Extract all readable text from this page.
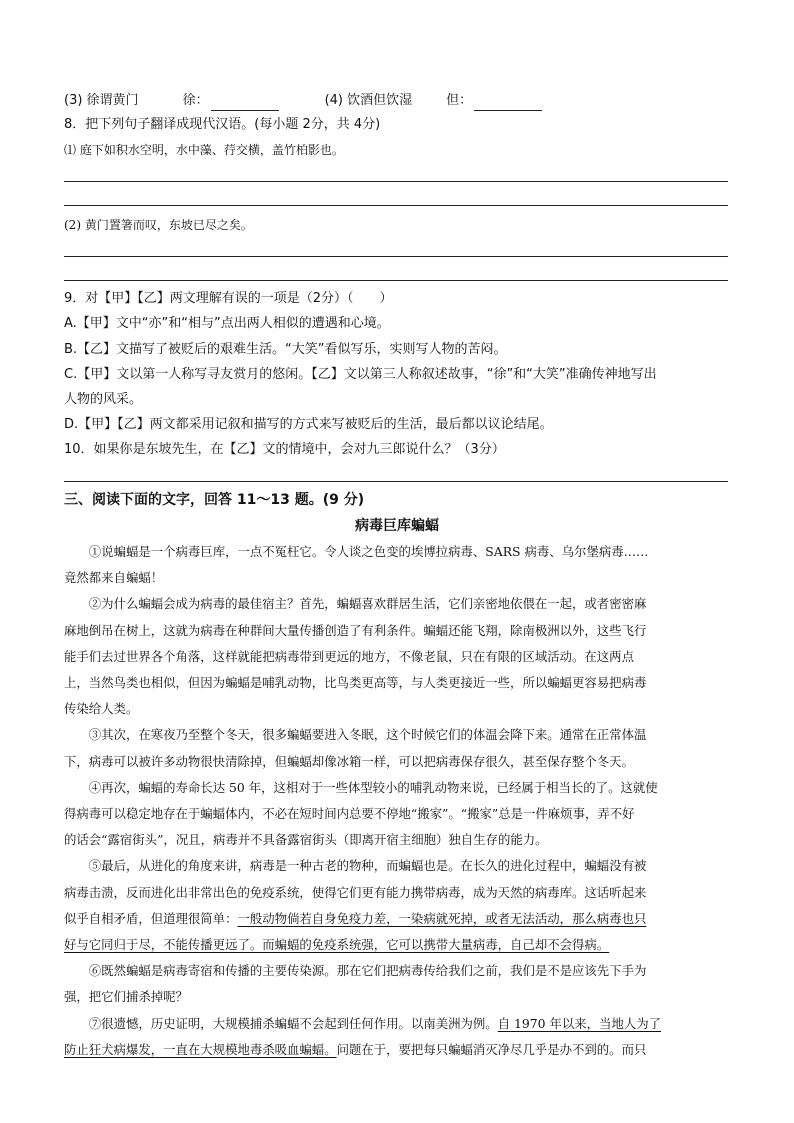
(3) 徐谓黄门	徐：	(4) 饮酒但饮湿	但：
8．把下列句子翻译成现代汉语。(每小题 2分，共 4分)
⑴ 庭下如积水空明，水中藻、荇交横，盖竹柏影也。
(2) 黄门置箸而叹，东坡已尽之矣。
9．对【甲】【乙】两文理解有误的一项是（2分）（　　）
A.【甲】文中“亦”和“相与”点出两人相似的遭遇和心境。
B.【乙】文描写了被贬后的艰难生活。“大笑”看似写乐，实则写人物的苦闷。
C.【甲】文以第一人称写寻友赏月的悠闲。【乙】文以第三人称叙述故事，“徐”和“大笑”准确传神地写出
人物的风采。
D.【甲】【乙】两文都采用记叙和描写的方式来写被贬后的生活，最后都以议论结尾。
10．如果你是东坡先生，在【乙】文的情境中，会对九三郎说什么？（3分）
三、阅读下面的文字，回答 11～13 题。(9 分)
病毒巨库蝙蝠

①说蝙蝠是一个病毒巨库，一点不冤枉它。令人谈之色变的埃博拉病毒、SARS 病毒、乌尔堡病毒……

竟然都来自蝙蝠！

②为什么蝙蝠会成为病毒的最佳宿主？首先，蝙蝠喜欢群居生活，它们亲密地依偎在一起，或者密密麻

麻地倒吊在树上，这就为病毒在种群间大量传播创造了有利条件。蝙蝠还能飞翔，除南极洲以外，这些飞行

能手们去过世界各个角落，这样就能把病毒带到更远的地方，不像老鼠，只在有限的区域活动。在这两点

上，当然鸟类也相似，但因为蝙蝠是哺乳动物，比鸟类更高等，与人类更接近一些，所以蝙蝠更容易把病毒

传染给人类。

③其次，在寒夜乃至整个冬天，很多蝙蝠要进入冬眠，这个时候它们的体温会降下来。通常在正常体温

下，病毒可以被许多动物很快清除掉，但蝙蝠却像冰箱一样，可以把病毒保存很久，甚至保存整个冬天。

④再次，蝙蝠的寿命长达 50 年，这相对于一些体型较小的哺乳动物来说，已经属于相当长的了。这就使

得病毒可以稳定地存在于蝙蝠体内，不必在短时间内总要不停地“搬家”。“搬家”总是一件麻烦事，弄不好

的话会“露宿街头”，况且，病毒并不具备露宿街头（即离开宿主细胞）独自生存的能力。

⑤最后，从进化的角度来讲，病毒是一种古老的物种，而蝙蝠也是。在长久的进化过程中，蝙蝠没有被

病毒击溃，反而进化出非常出色的免疫系统，使得它们更有能力携带病毒，成为天然的病毒库。这话听起来

似乎自相矛盾，但道理很简单：一般动物倘若自身免疫力差，一染病就死掉，或者无法活动，那么病毒也只

好与它同归于尽，不能传播更远了。而蝙蝠的免疫系统强，它可以携带大量病毒，自己却不会得病。

⑥既然蝙蝠是病毒寄宿和传播的主要传染源。那在它们把病毒传给我们之前，我们是不是应该先下手为

强，把它们捕杀掉呢？

⑦很遗憾，历史证明，大规模捕杀蝙蝠不会起到任何作用。以南美洲为例。自 1970 年以来，当地人为了

防止狂犬病爆发，一直在大规模地毒杀吸血蝙蝠。问题在于，要把每只蝙蝠消灭净尽几乎是办不到的。而只
